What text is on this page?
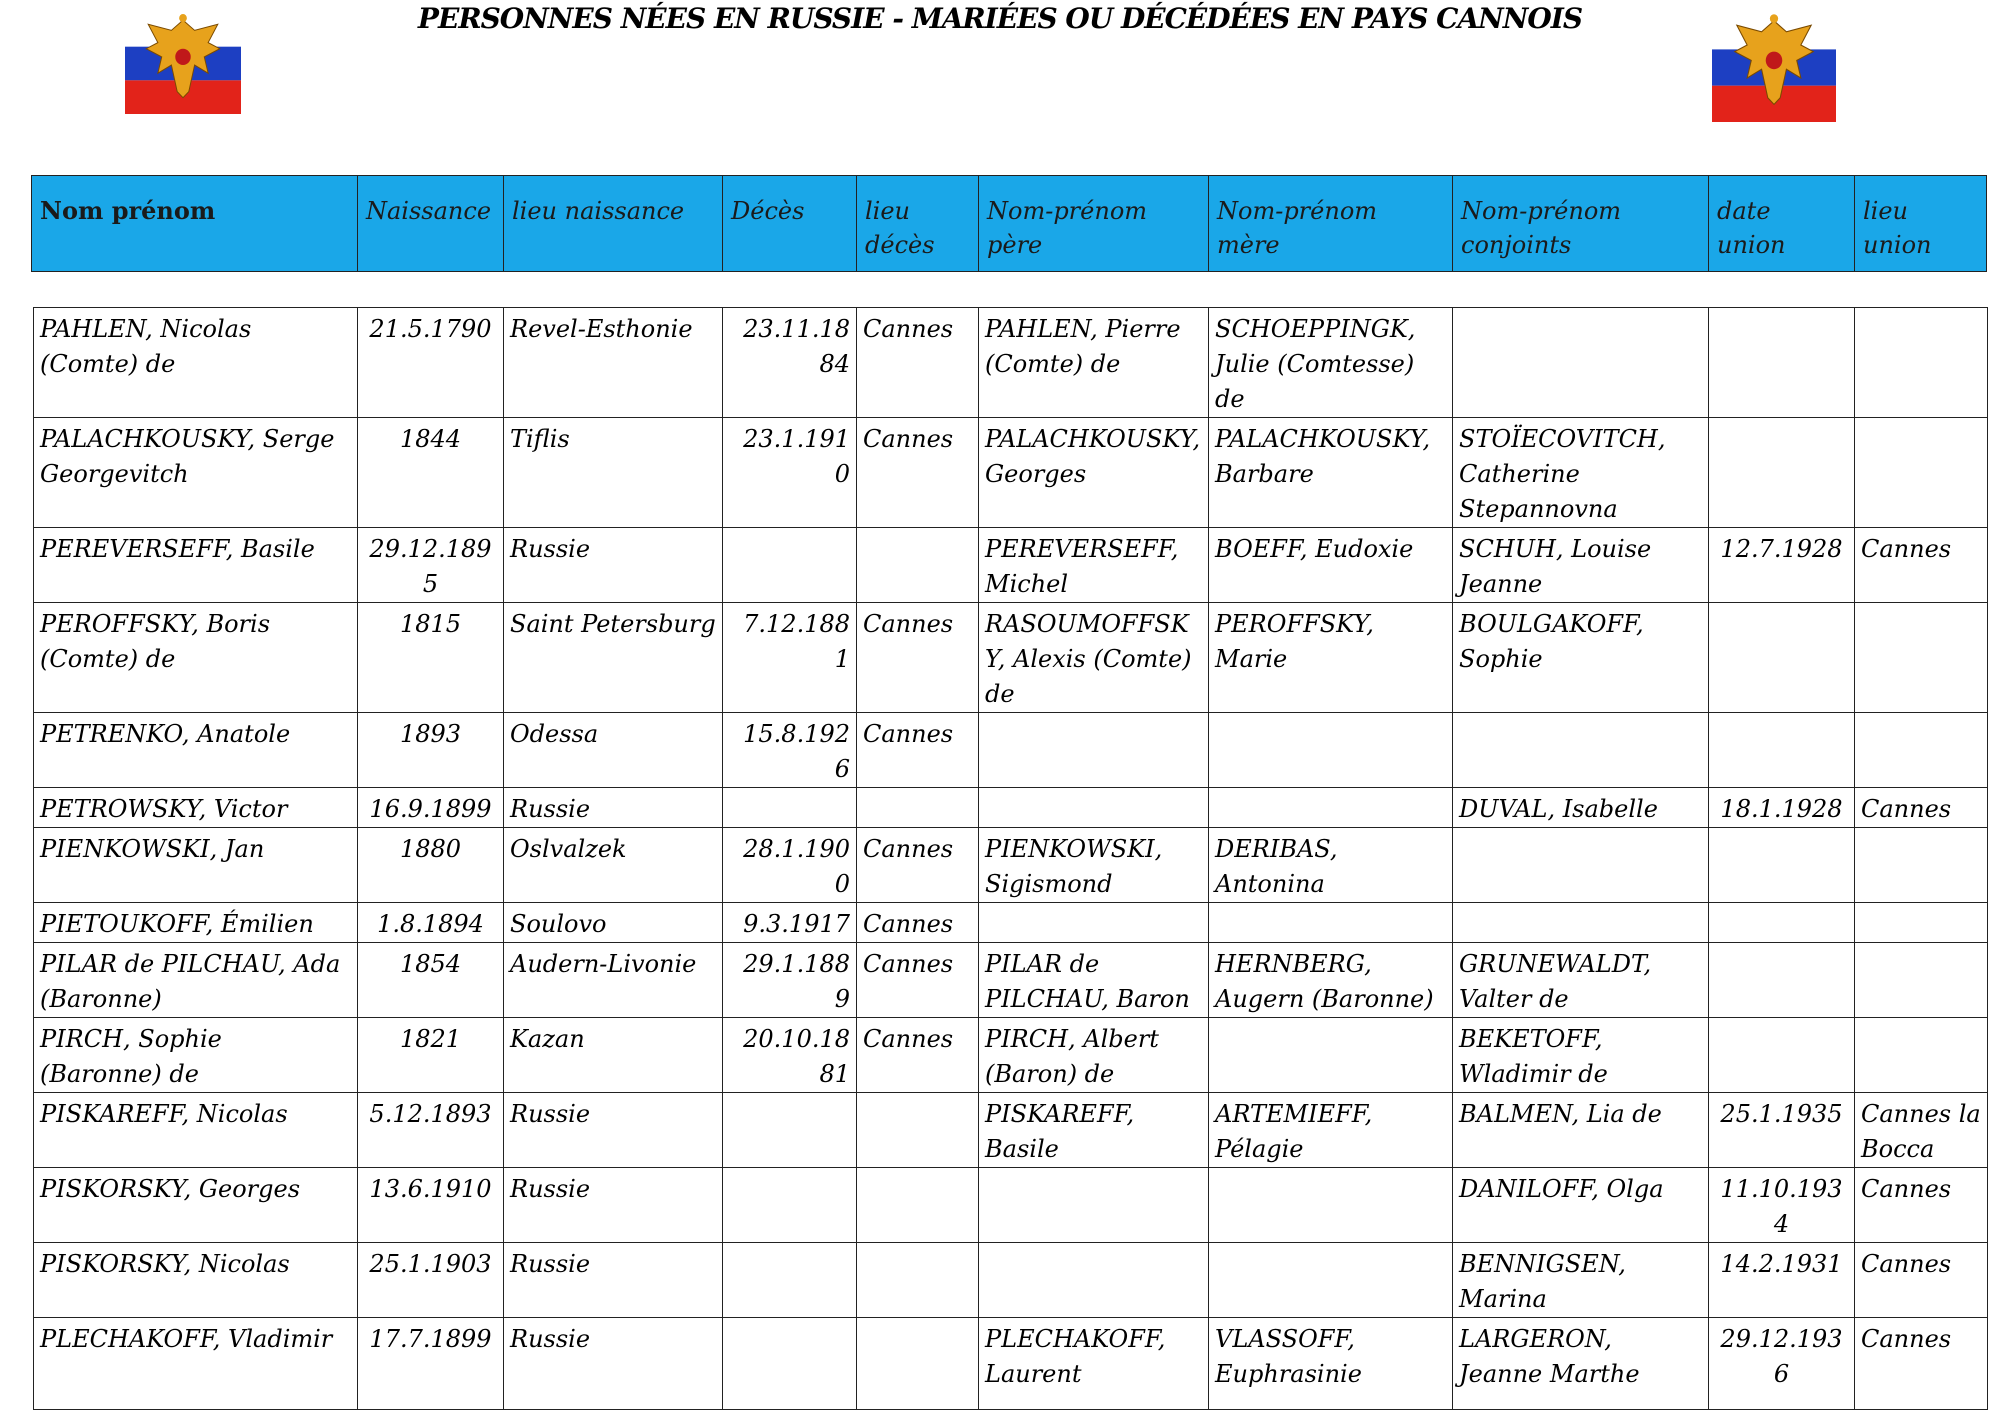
PERSONNES NÉES EN RUSSIE - MARIÉES OU DÉCÉDÉES EN PAYS CANNOIS
Nom prénom	Naissance	lieu naissance	Décès	lieu décès	Nom-prénom père	Nom-prénom mère	Nom-prénom conjoints	date union	lieu union
PAHLEN, Nicolas (Comte) de	21.5.1790	Revel-Esthonie	23.11.1884	Cannes	PAHLEN, Pierre (Comte) de	SCHOEPPINGK, Julie (Comtesse) de			
PALACHKOUSKY, Serge Georgevitch	1844	Tiflis	23.1.1910	Cannes	PALACHKOUSKY, Georges	PALACHKOUSKY, Barbare	STOÏECOVITCH, Catherine Stepannovna		
PEREVERSEFF, Basile	29.12.1895	Russie			PEREVERSEFF, Michel	BOEFF, Eudoxie	SCHUH, Louise Jeanne	12.7.1928	Cannes
PEROFFSKY, Boris (Comte) de	1815	Saint Petersburg	7.12.1881	Cannes	RASOUMOFFSKY, Alexis (Comte) de	PEROFFSKY, Marie	BOULGAKOFF, Sophie		
PETRENKO, Anatole	1893	Odessa	15.8.1926	Cannes					
PETROWSKY, Victor	16.9.1899	Russie					DUVAL, Isabelle	18.1.1928	Cannes
PIENKOWSKI, Jan	1880	Oslvalzek	28.1.1900	Cannes	PIENKOWSKI, Sigismond	DERIBAS, Antonina			
PIETOUKOFF, Émilien	1.8.1894	Soulovo	9.3.1917	Cannes					
PILAR de PILCHAU, Ada (Baronne)	1854	Audern-Livonie	29.1.1889	Cannes	PILAR de PILCHAU, Baron	HERNBERG, Augern (Baronne)	GRUNEWALDT, Valter de		
PIRCH, Sophie (Baronne) de	1821	Kazan	20.10.1881	Cannes	PIRCH, Albert (Baron) de		BEKETOFF, Wladimir de		
PISKAREFF, Nicolas	5.12.1893	Russie			PISKAREFF, Basile	ARTEMIEFF, Pélagie	BALMEN, Lia de	25.1.1935	Cannes la Bocca
PISKORSKY, Georges	13.6.1910	Russie					DANILOFF, Olga	11.10.1934	Cannes
PISKORSKY, Nicolas	25.1.1903	Russie					BENNIGSEN, Marina	14.2.1931	Cannes
PLECHAKOFF, Vladimir	17.7.1899	Russie			PLECHAKOFF, Laurent	VLASSOFF, Euphrasinie	LARGERON, Jeanne Marthe	29.12.1936	Cannes
